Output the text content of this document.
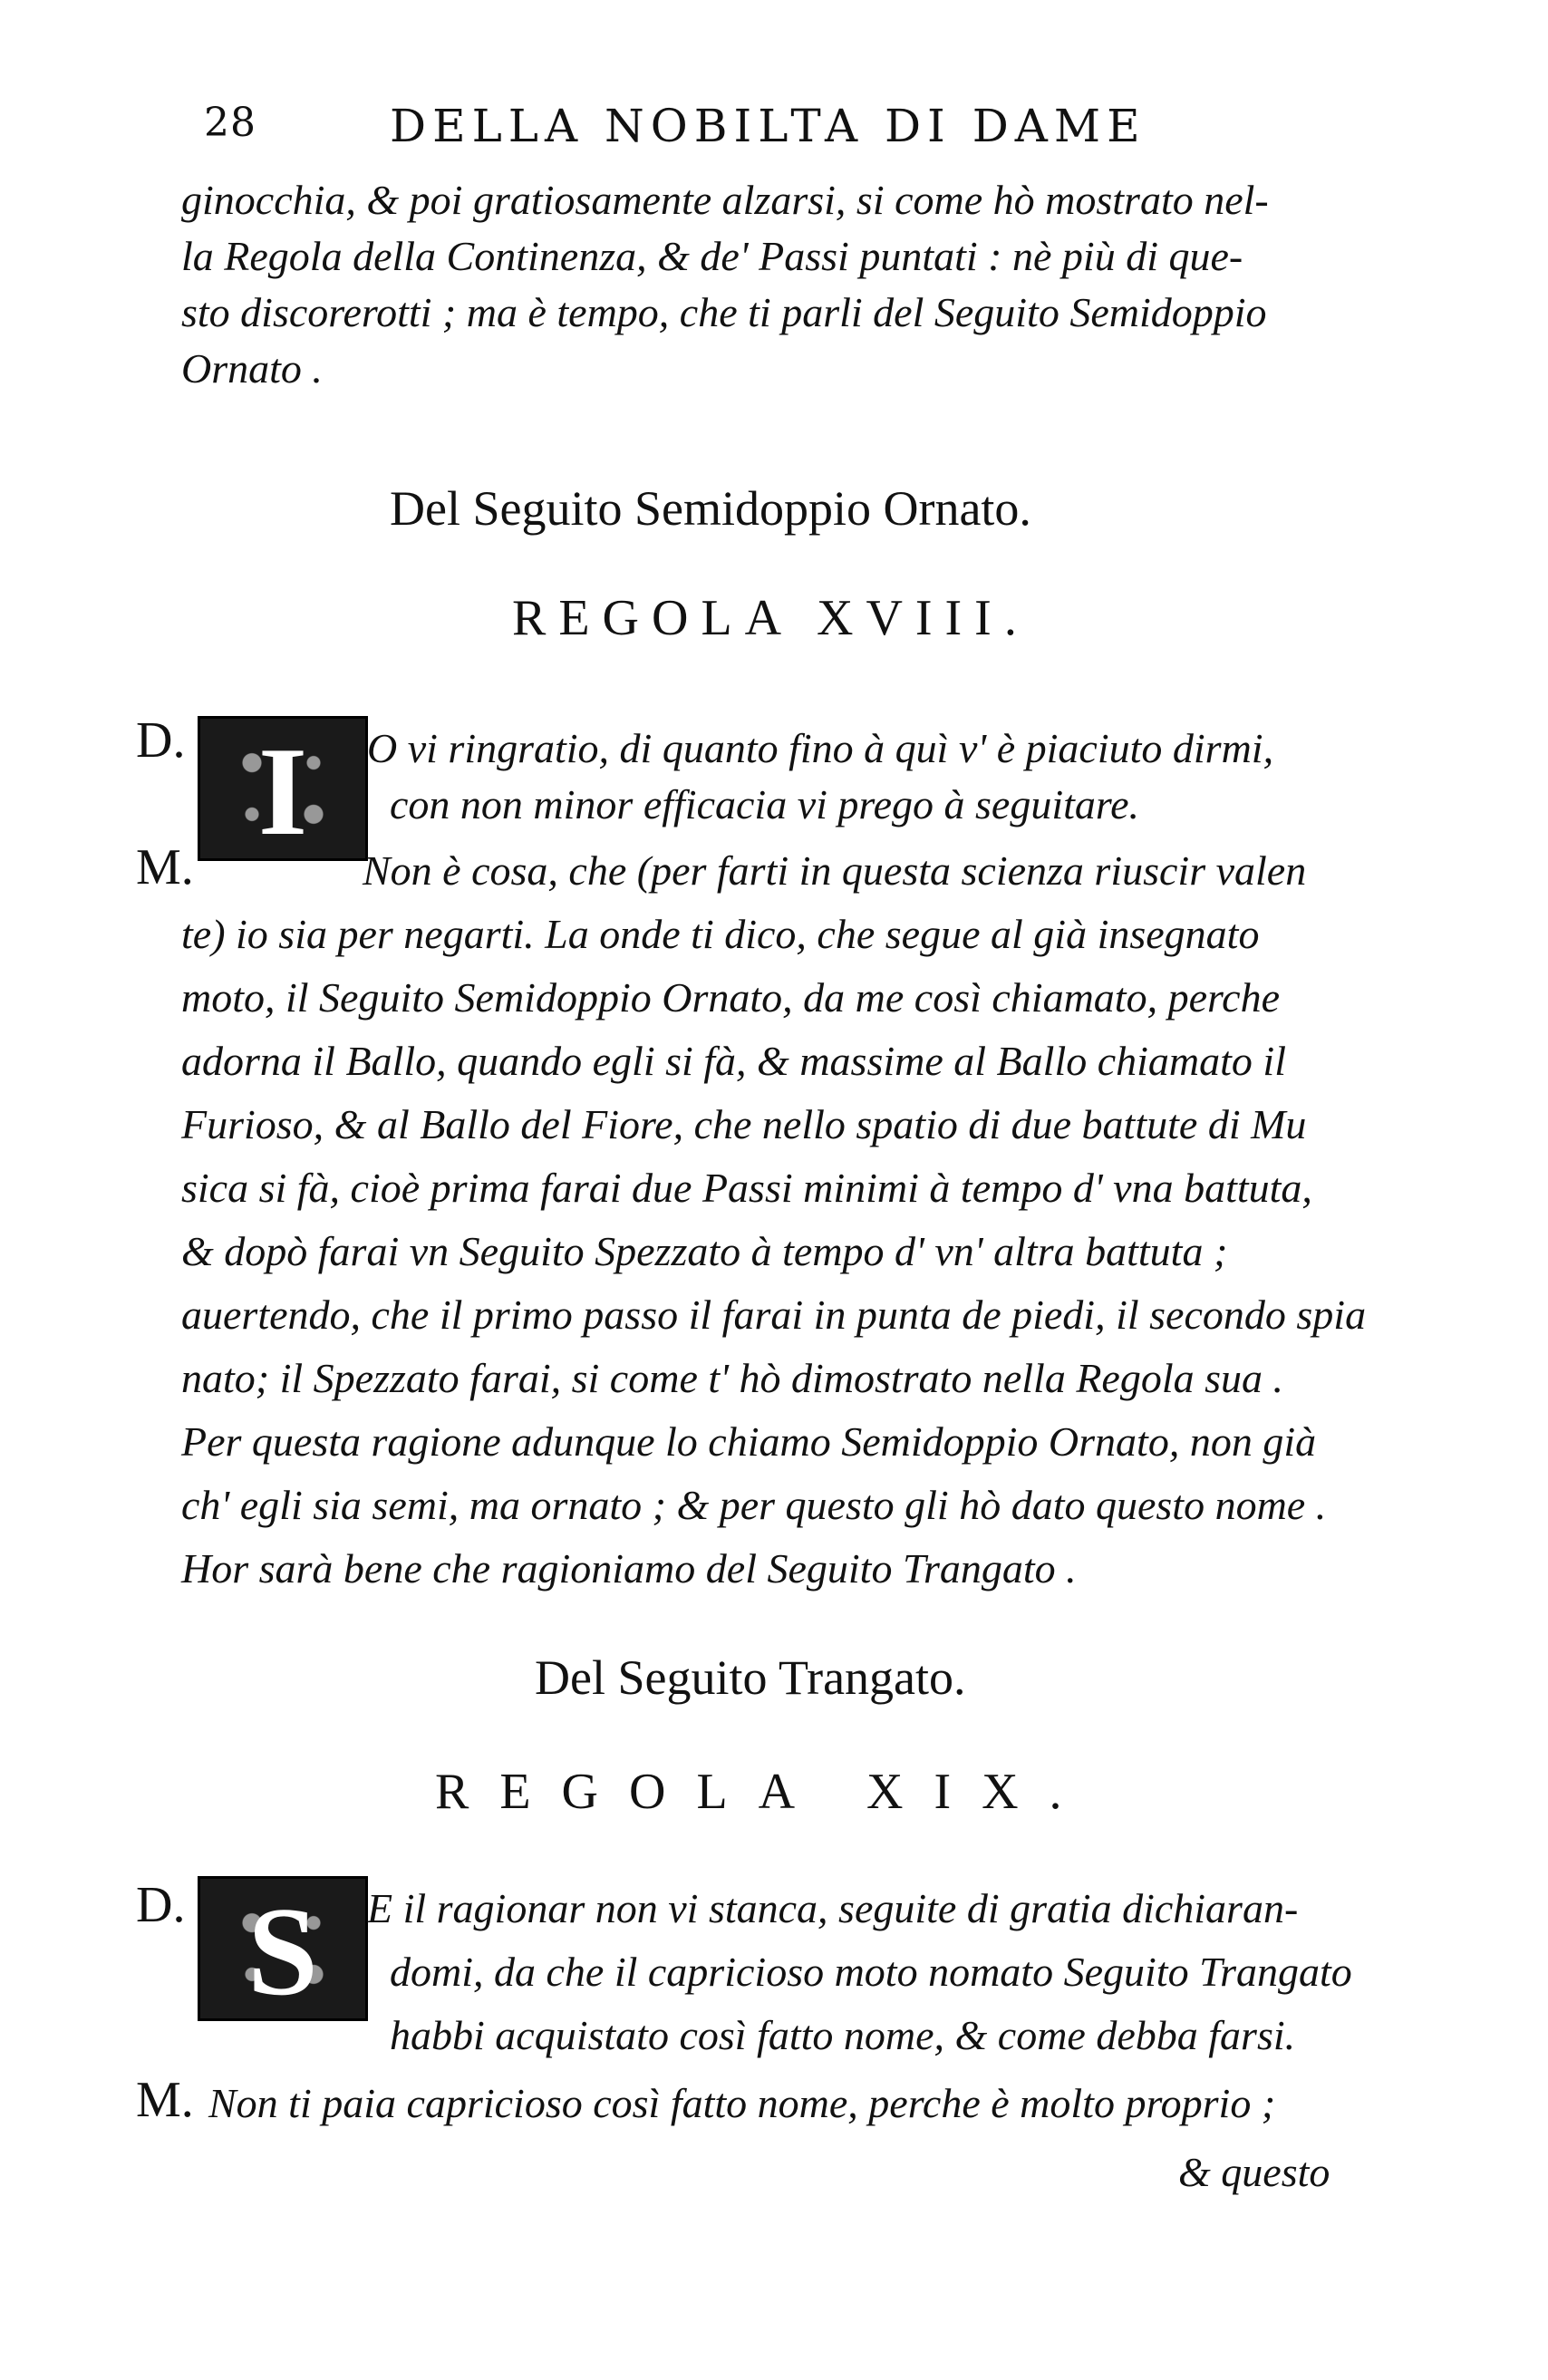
28	DELLA NOBILTA DI DAME
ginocchia, & poi gratiosamente alzarsi, si come hò mostrato nel-
la Regola della Continenza, & de' Passi puntati : nè più di que-
sto discorerotti ; ma è tempo, che ti parli del Seguito Semidoppio
Ornato .
Del Seguito Semidoppio Ornato.
REGOLA XVIII.
D. I	O vi ringratio, di quanto fino à quì v' è piaciuto dirmi,
con non minor efficacia vi prego à seguitare.
M.	Non è cosa, che (per farti in questa scienza riuscir valen
te) io sia per negarti. La onde ti dico, che segue al già insegnato
moto, il Seguito Semidoppio Ornato, da me così chiamato, perche
adorna il Ballo, quando egli si fà, & massime al Ballo chiamato il
Furioso, & al Ballo del Fiore, che nello spatio di due battute di Mu
sica si fà, cioè prima farai due Passi minimi à tempo d' vna battuta,
& dopò farai vn Seguito Spezzato à tempo d' vn' altra battuta ;
auertendo, che il primo passo il farai in punta de piedi, il secondo spia
nato; il Spezzato farai, si come t' hò dimostrato nella Regola sua .
Per questa ragione adunque lo chiamo Semidoppio Ornato, non già
ch' egli sia semi, ma ornato ; & per questo gli hò dato questo nome .
Hor sarà bene che ragioniamo del Seguito Trangato .
Del Seguito Trangato.
REGOLA XIX.
D. S	E il ragionar non vi stanca, seguite di gratia dichiaran-
domi, da che il capricioso moto nomato Seguito Trangato
habbi acquistato così fatto nome, & come debba farsi.
M. Non ti paia capricioso così fatto nome, perche è molto proprio ;
& questo
